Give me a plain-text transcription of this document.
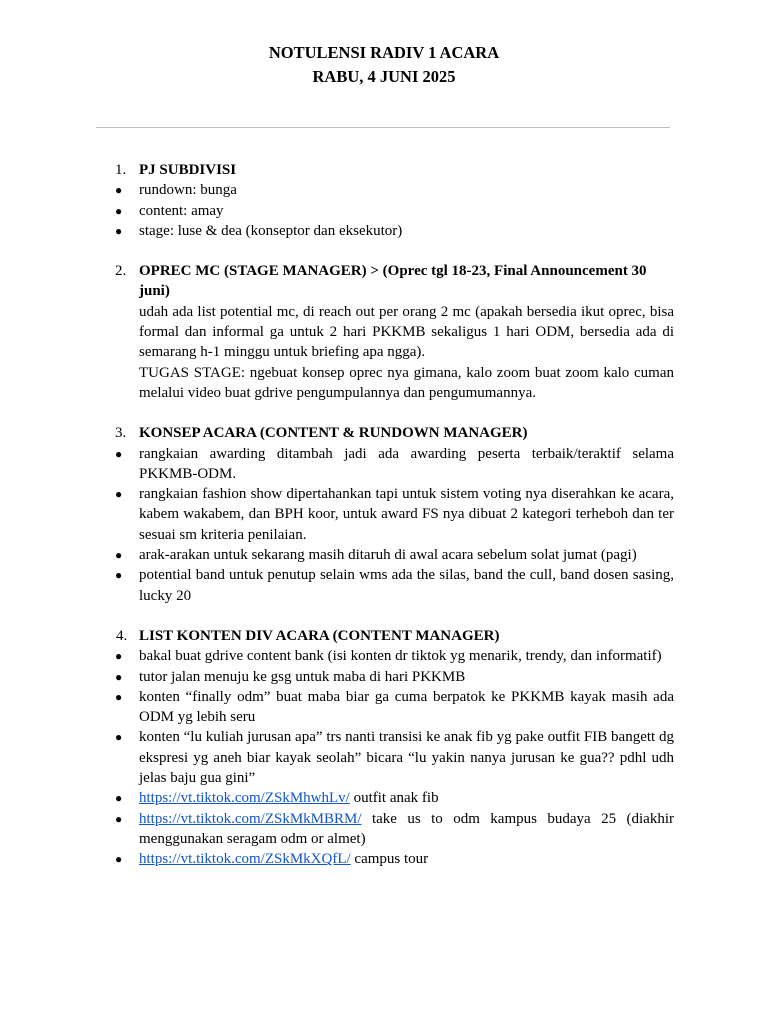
NOTULENSI RADIV 1 ACARA
RABU, 4 JUNI 2025
1. PJ SUBDIVISI
● rundown: bunga
● content: amay
● stage: luse & dea (konseptor dan eksekutor)
2. OPREC MC (STAGE MANAGER) > (Oprec tgl 18-23, Final Announcement 30 juni)
udah ada list potential mc, di reach out per orang 2 mc (apakah bersedia ikut oprec, bisa formal dan informal ga untuk 2 hari PKKMB sekaligus 1 hari ODM, bersedia ada di semarang h-1 minggu untuk briefing apa ngga).
TUGAS STAGE: ngebuat konsep oprec nya gimana, kalo zoom buat zoom kalo cuman melalui video buat gdrive pengumpulannya dan pengumumannya.
3. KONSEP ACARA (CONTENT & RUNDOWN MANAGER)
● rangkaian awarding ditambah jadi ada awarding peserta terbaik/teraktif selama PKKMB-ODM.
● rangkaian fashion show dipertahankan tapi untuk sistem voting nya diserahkan ke acara, kabem wakabem, dan BPH koor, untuk award FS nya dibuat 2 kategori terheboh dan ter sesuai sm kriteria penilaian.
● arak-arakan untuk sekarang masih ditaruh di awal acara sebelum solat jumat (pagi)
● potential band untuk penutup selain wms ada the silas, band the cull, band dosen sasing, lucky 20
4. LIST KONTEN DIV ACARA (CONTENT MANAGER)
● bakal buat gdrive content bank (isi konten dr tiktok yg menarik, trendy, dan informatif)
● tutor jalan menuju ke gsg untuk maba di hari PKKMB
● konten “finally odm” buat maba biar ga cuma berpatok ke PKKMB kayak masih ada ODM yg lebih seru
● konten “lu kuliah jurusan apa” trs nanti transisi ke anak fib yg pake outfit FIB bangett dg ekspresi yg aneh biar kayak seolah” bicara “lu yakin nanya jurusan ke gua?? pdhl udh jelas baju gua gini”
● https://vt.tiktok.com/ZSkMhwhLv/ outfit anak fib
● https://vt.tiktok.com/ZSkMkMBRM/ take us to odm kampus budaya 25 (diakhir menggunakan seragam odm or almet)
● https://vt.tiktok.com/ZSkMkXQfL/ campus tour
